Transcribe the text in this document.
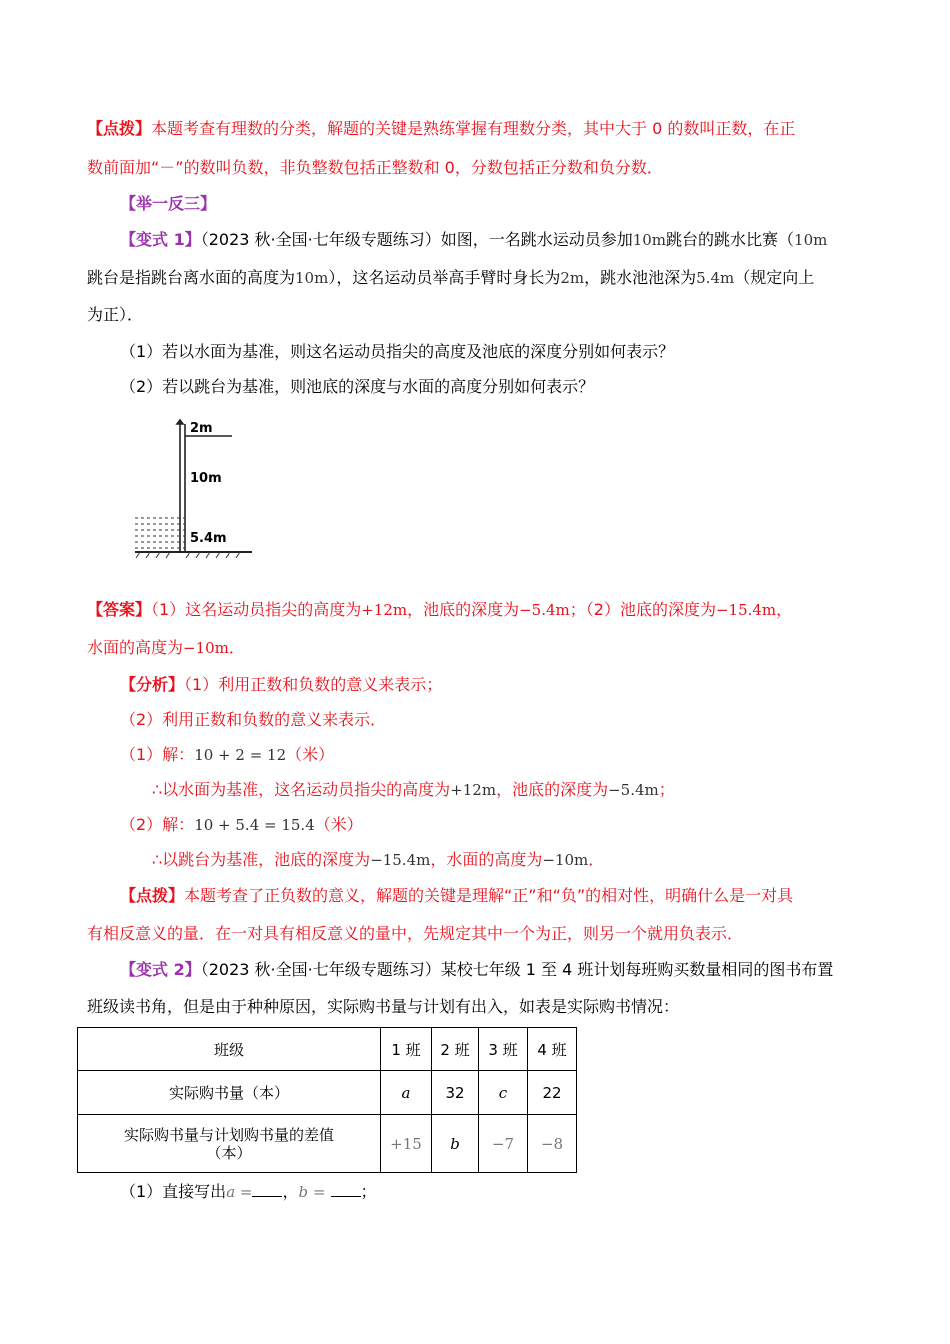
【点拨】本题考查有理数的分类，解题的关键是熟练掌握有理数分类，其中大于 0 的数叫正数，在正
数前面加“－”的数叫负数，非负整数包括正整数和 0，分数包括正分数和负分数．
【举一反三】
【变式 1】（2023 秋·全国·七年级专题练习）如图，一名跳水运动员参加10m跳台的跳水比赛（10m
跳台是指跳台离水面的高度为10m），这名运动员举高手臂时身长为2m，跳水池池深为5.4m（规定向上
为正）．
（1）若以水面为基准，则这名运动员指尖的高度及池底的深度分别如何表示？
（2）若以跳台为基准，则池底的深度与水面的高度分别如何表示？
2m
10m
5.4m
【答案】（1）这名运动员指尖的高度为+12m，池底的深度为−5.4m；（2）池底的深度为−15.4m，
水面的高度为−10m．
【分析】（1）利用正数和负数的意义来表示；
（2）利用正数和负数的意义来表示．
（1）解：10 + 2 = 12（米）
∴以水面为基准，这名运动员指尖的高度为+12m，池底的深度为−5.4m；
（2）解：10 + 5.4 = 15.4（米）
∴以跳台为基准，池底的深度为−15.4m，水面的高度为−10m．
【点拨】本题考查了正负数的意义，解题的关键是理解“正”和“负”的相对性，明确什么是一对具
有相反意义的量．在一对具有相反意义的量中，先规定其中一个为正，则另一个就用负表示．
【变式 2】（2023 秋·全国·七年级专题练习）某校七年级 1 至 4 班计划每班购买数量相同的图书布置
班级读书角，但是由于种种原因，实际购书量与计划有出入，如表是实际购书情况：
班级	1 班	2 班	3 班	4 班
实际购书量（本）	a	32	c	22

实际购书量与计划购书量的差值
（本）	+15	b	−7	−8
（1）直接写出a = ，b = ；
